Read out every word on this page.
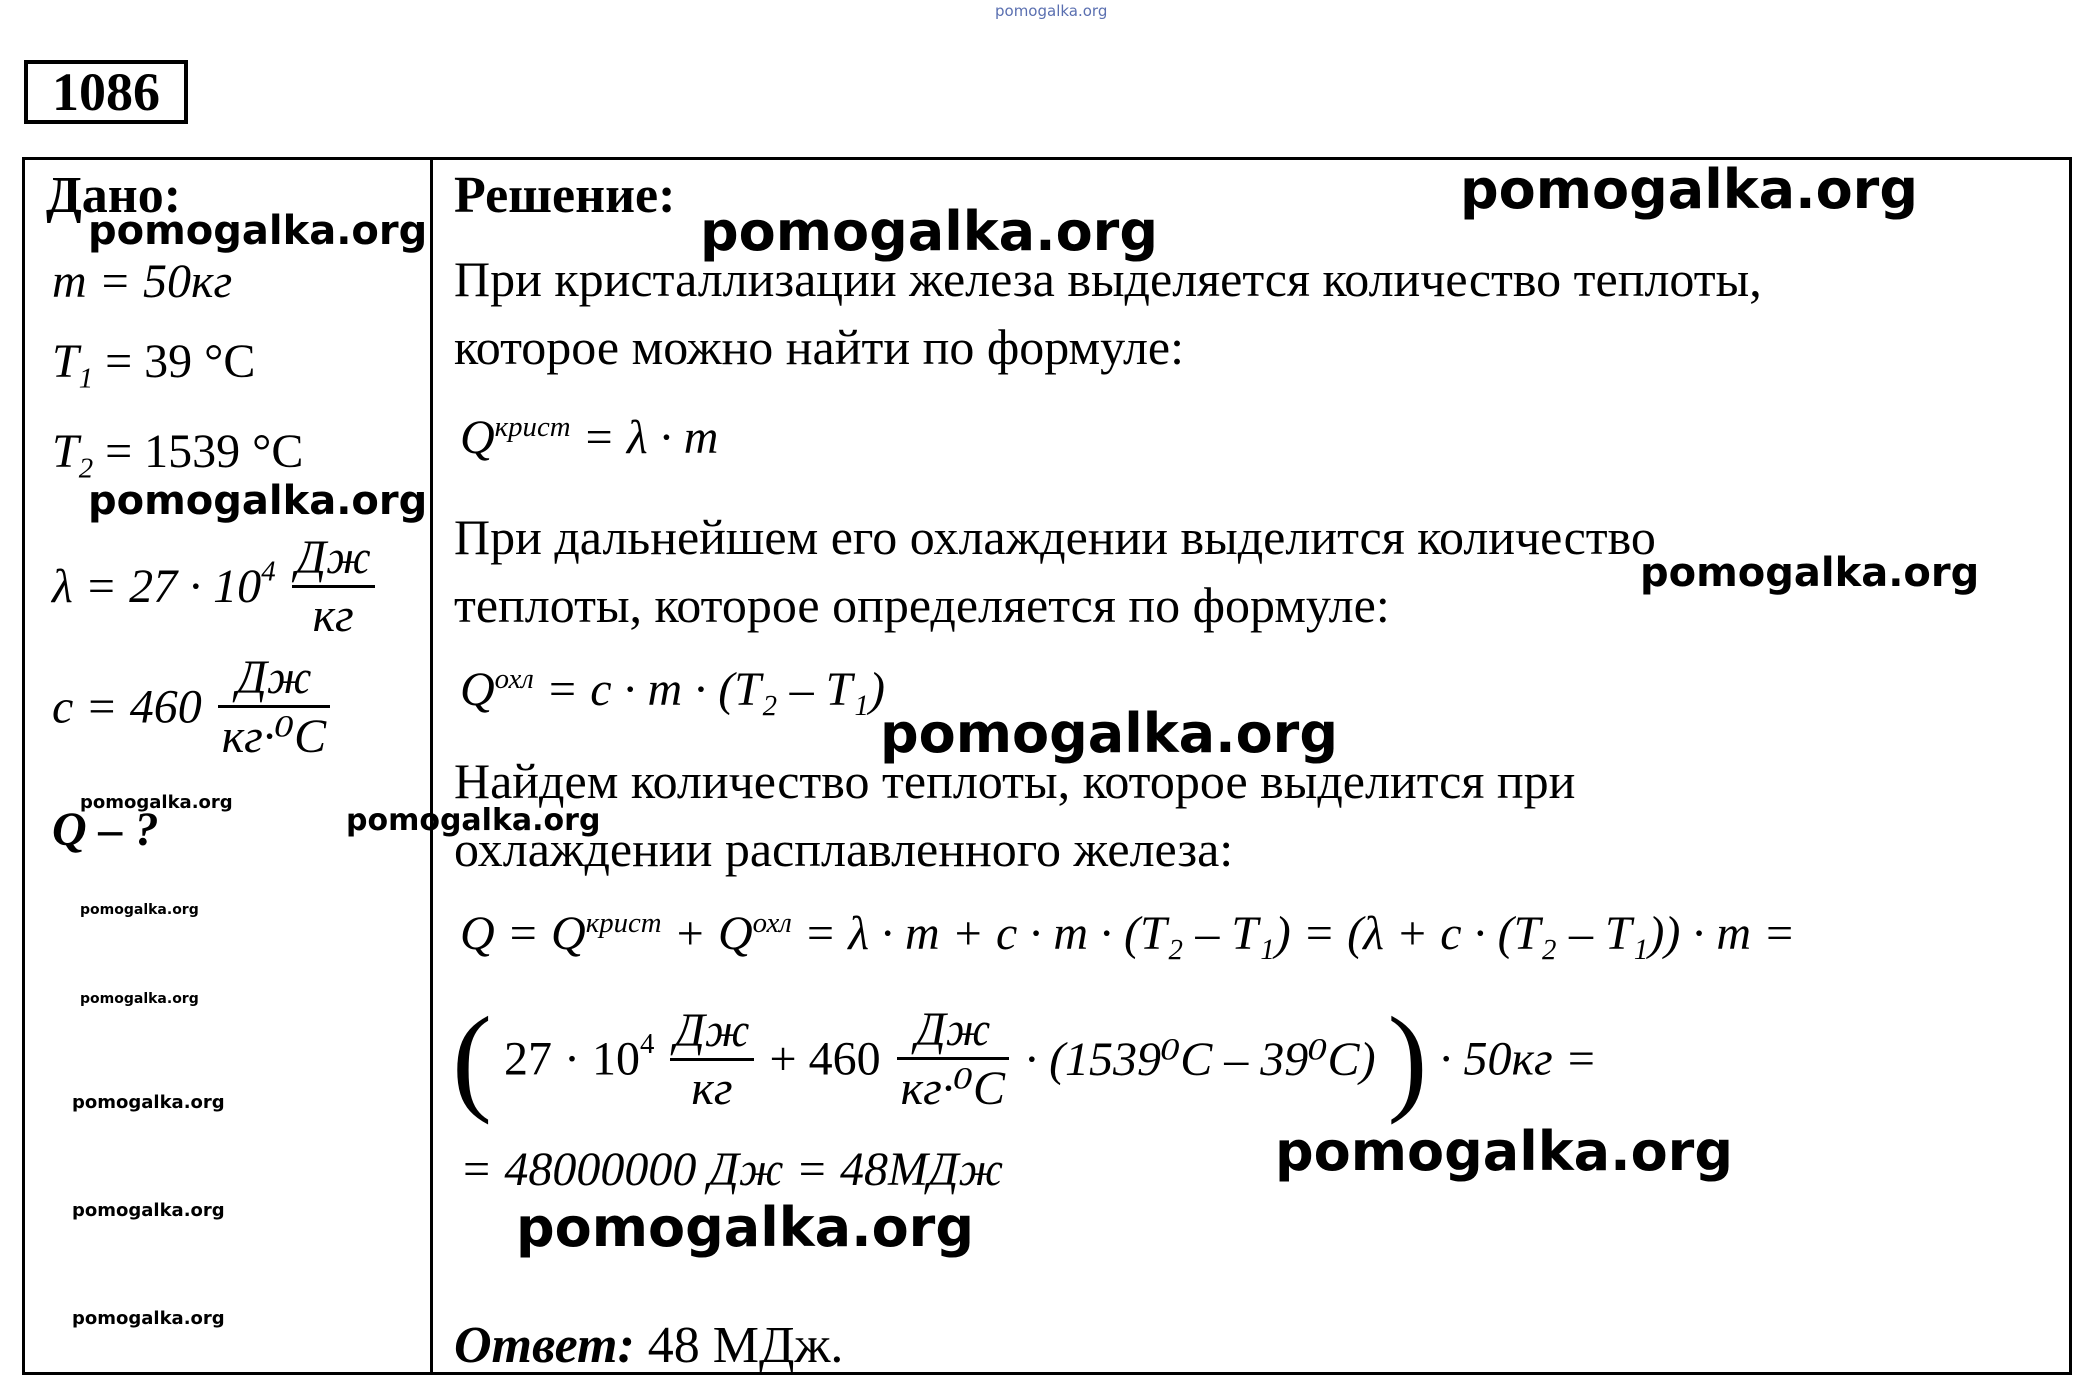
pomogalka.org
1086
Дано:
m = 50кг
$T_1 = 39$ °C
$T_2 = 1539$ °C
$\lambda = 27 \cdot 10^4 \frac{Дж}{кг}$
$c = 460 \frac{Дж}{\text{кг·⁰C}}$
Q – ?
Решение:
При кристаллизации железа выделяется количество теплоты,
которое можно найти по формуле:
$Q^{крист} = \lambda \cdot m$
При дальнейшем его охлаждении выделится количество
теплоты, которое определяется по формуле:
$Q^{охл} = c \cdot m \cdot (T_2 - T_1)$
Найдем количество теплоты, которое выделится при
охлаждении расплавленного железа:
$Q = Q^{крист} + Q^{охл} = \lambda \cdot m + c \cdot m \cdot (T_2 - T_1) = (\lambda + c \cdot (T_2 - T_1)) \cdot m$ =
( $27 \cdot 10^4 \frac{Дж}{кг} + 460 \frac{Дж}{\text{кг·⁰C}} \cdot (1539^0C - 39^0C)$ ) · 50кг =
= 48000000 Дж = 48МДж
Ответ: 48 МДж.
pomogalka.org	pomogalka.org
pomogalka.org
pomogalka.org
pomogalka.org
pomogalka.org
pomogalka.org
pomogalka.org
pomogalka.org
pomogalka.org
pomogalka.org
pomogalka.org
pomogalka.org
pomogalka.org
pomogalka.org
